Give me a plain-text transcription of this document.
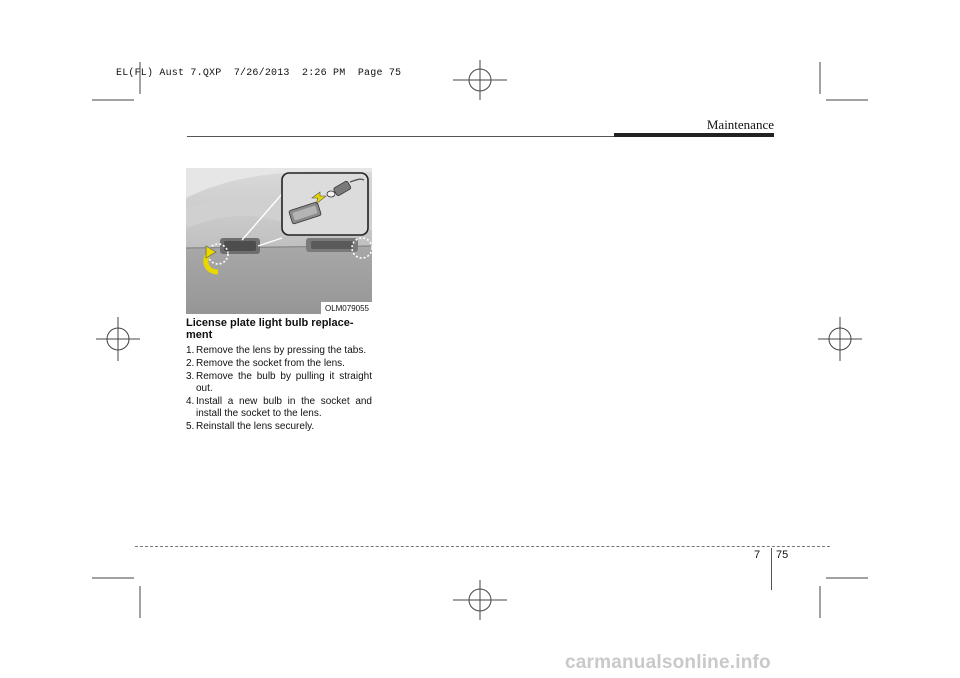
EL(FL) Aust 7.QXP  7/26/2013  2:26 PM  Page 75
Maintenance
OLM079055
License plate light bulb replace-
ment
1. Remove the lens by pressing the tabs.
2. Remove the socket from the lens.
3. Remove the bulb by pulling it straight out.
4. Install a new bulb in the socket and install the socket to the lens.
5. Reinstall the lens securely.
7 75
carmanualsonline.info
